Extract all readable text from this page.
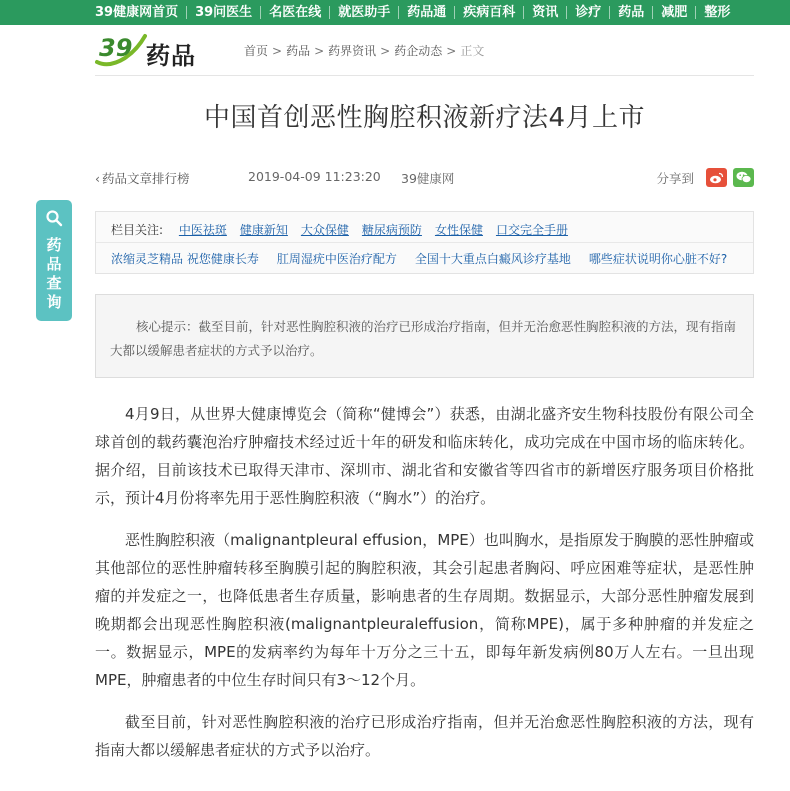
39健康网首页 39问医生 名医在线 就医助手 药品通 疾病百科 资讯 诊疗 药品 减肥 整形
39 药品	首页 > 药品 > 药界资讯 > 药企动态 > 正文
中国首创恶性胸腔积液新疗法4月上市
‹ 药品文章排行榜	2019-04-09 11:23:20 39健康网	分享到
药
品
查
询
栏目关注: 中医祛斑 健康新知 大众保健 糖尿病预防 女性保健 口交完全手册
浓缩灵芝精品 祝您健康长寿 肛周湿疣中医治疗配方 全国十大重点白癜风诊疗基地 哪些症状说明你心脏不好?

核心提示：截至目前，针对恶性胸腔积液的治疗已形成治疗指南，但并无治愈恶性胸腔积液的方法，现有指南大都以缓解患者症状的方式予以治疗。

4月9日，从世界大健康博览会（简称“健博会”）获悉，由湖北盛齐安生物科技股份有限公司全球首创的载药囊泡治疗肿瘤技术经过近十年的研发和临床转化，成功完成在中国市场的临床转化。据介绍，目前该技术已取得天津市、深圳市、湖北省和安徽省等四省市的新增医疗服务项目价格批示，预计4月份将率先用于恶性胸腔积液（“胸水”）的治疗。

恶性胸腔积液（malignantpleural effusion，MPE）也叫胸水，是指原发于胸膜的恶性肿瘤或其他部位的恶性肿瘤转移至胸膜引起的胸腔积液，其会引起患者胸闷、呼应困难等症状，是恶性肿瘤的并发症之一，也降低患者生存质量，影响患者的生存周期。数据显示，大部分恶性肿瘤发展到晚期都会出现恶性胸腔积液(malignantpleuraleffusion，简称MPE)，属于多种肿瘤的并发症之一。数据显示，MPE的发病率约为每年十万分之三十五，即每年新发病例80万人左右。一旦出现MPE，肿瘤患者的中位生存时间只有3～12个月。

截至目前，针对恶性胸腔积液的治疗已形成治疗指南，但并无治愈恶性胸腔积液的方法，现有指南大都以缓解患者症状的方式予以治疗。
